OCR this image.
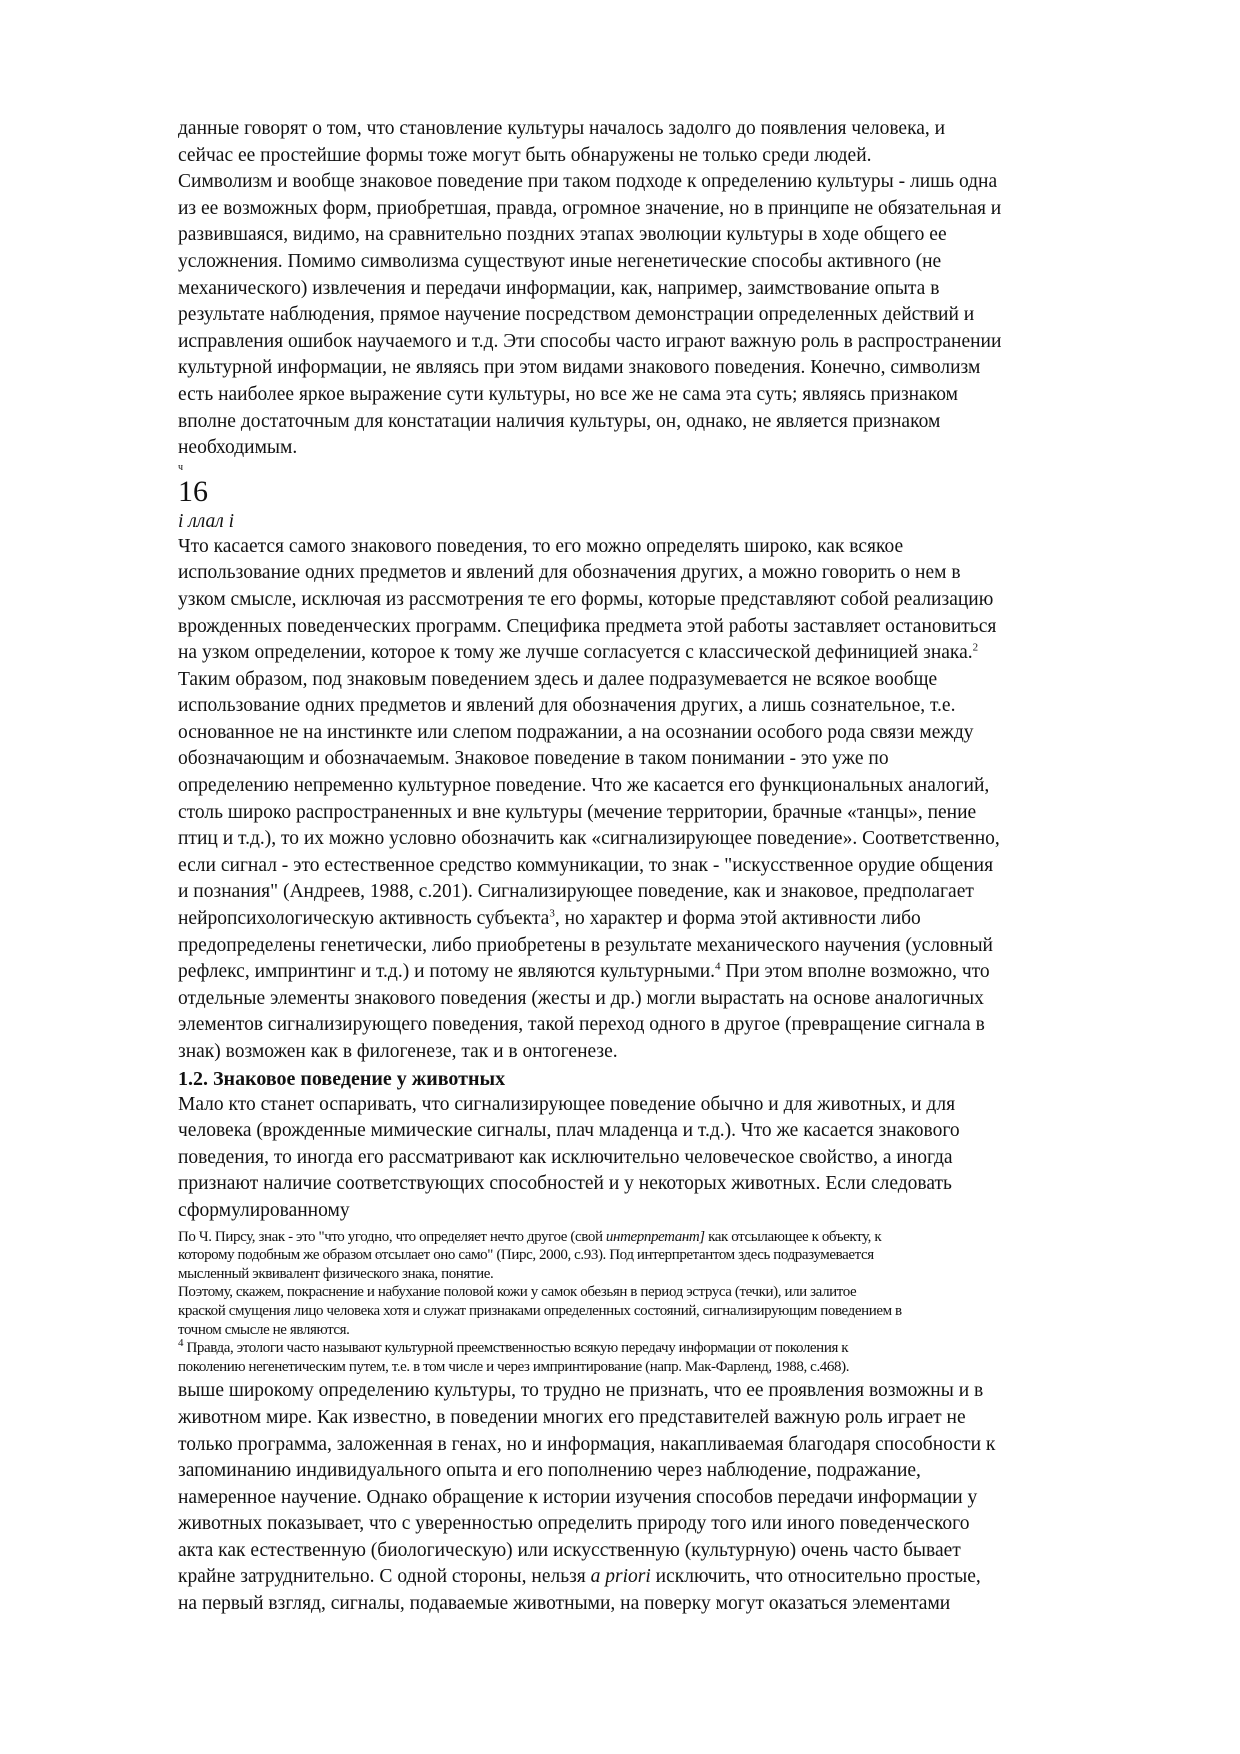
данные говорят о том, что становление культуры началось задолго до появления человека, и
сейчас ее простейшие формы тоже могут быть обнаружены не только среди людей.
Символизм и вообще знаковое поведение при таком подходе к определению культуры - лишь одна
из ее возможных форм, приобретшая, правда, огромное значение, но в принципе не обязательная и
развившаяся, видимо, на сравнительно поздних этапах эволюции культуры в ходе общего ее
усложнения. Помимо символизма существуют иные негенетические способы активного (не
механического) извлечения и передачи информации, как, например, заимствование опыта в
результате наблюдения, прямое научение посредством демонстрации определенных действий и
исправления ошибок научаемого и т.д. Эти способы часто играют важную роль в распространении
культурной информации, не являясь при этом видами знакового поведения. Конечно, символизм
есть наиболее яркое выражение сути культуры, но все же не сама эта суть; являясь признаком
вполне достаточным для констатации наличия культуры, он, однако, не является признаком
необходимым.
ч
16
і ллал і
Что касается самого знакового поведения, то его можно определять широко, как всякое
использование одних предметов и явлений для обозначения других, а можно говорить о нем в
узком смысле, исключая из рассмотрения те его формы, которые представляют собой реализацию
врожденных поведенческих программ. Специфика предмета этой работы заставляет остановиться
на узком определении, которое к тому же лучше согласуется с классической дефиницией знака.$^2$
Таким образом, под знаковым поведением здесь и далее подразумевается не всякое вообще
использование одних предметов и явлений для обозначения других, а лишь сознательное, т.е.
основанное не на инстинкте или слепом подражании, а на осознании особого рода связи между
обозначающим и обозначаемым. Знаковое поведение в таком понимании - это уже по
определению непременно культурное поведение. Что же касается его функциональных аналогий,
столь широко распространенных и вне культуры (мечение территории, брачные «танцы», пение
птиц и т.д.), то их можно условно обозначить как «сигнализирующее поведение». Соответственно,
если сигнал - это естественное средство коммуникации, то знак - "искусственное орудие общения
и познания" (Андреев, 1988, с.201). Сигнализирующее поведение, как и знаковое, предполагает
нейропсихологическую активность субъекта$^3$, но характер и форма этой активности либо
предопределены генетически, либо приобретены в результате механического научения (условный
рефлекс, импринтинг и т.д.) и потому не являются культурными.$^4$ При этом вполне возможно, что
отдельные элементы знакового поведения (жесты и др.) могли вырастать на основе аналогичных
элементов сигнализирующего поведения, такой переход одного в другое (превращение сигнала в
знак) возможен как в филогенезе, так и в онтогенезе.
1.2. Знаковое поведение у животных
Мало кто станет оспаривать, что сигнализирующее поведение обычно и для животных, и для
человека (врожденные мимические сигналы, плач младенца и т.д.). Что же касается знакового
поведения, то иногда его рассматривают как исключительно человеческое свойство, а иногда
признают наличие соответствующих способностей и у некоторых животных. Если следовать
сформулированному
По Ч. Пирсу, знак - это "что угодно, что определяет нечто другое (свой интерпретант] как отсылающее к объекту, к
которому подобным же образом отсылает оно само" (Пирс, 2000, с.93). Под интерпретантом здесь подразумевается
мысленный эквивалент физического знака, понятие.
Поэтому, скажем, покраснение и набухание половой кожи у самок обезьян в период эструса (течки), или залитое
краской смущения лицо человека хотя и служат признаками определенных состояний, сигнализирующим поведением в
точном смысле не являются.
$^4$ Правда, этологи часто называют культурной преемственностью всякую передачу информации от поколения к
поколению негенетическим путем, т.е. в том числе и через импринтирование (напр. Мак-Фарленд, 1988, с.468).
выше широкому определению культуры, то трудно не признать, что ее проявления возможны и в
животном мире. Как известно, в поведении многих его представителей важную роль играет не
только программа, заложенная в генах, но и информация, накапливаемая благодаря способности к
запоминанию индивидуального опыта и его пополнению через наблюдение, подражание,
намеренное научение. Однако обращение к истории изучения способов передачи информации у
животных показывает, что с уверенностью определить природу того или иного поведенческого
акта как естественную (биологическую) или искусственную (культурную) очень часто бывает
крайне затруднительно. С одной стороны, нельзя a priori исключить, что относительно простые,
на первый взгляд, сигналы, подаваемые животными, на поверку могут оказаться элементами
